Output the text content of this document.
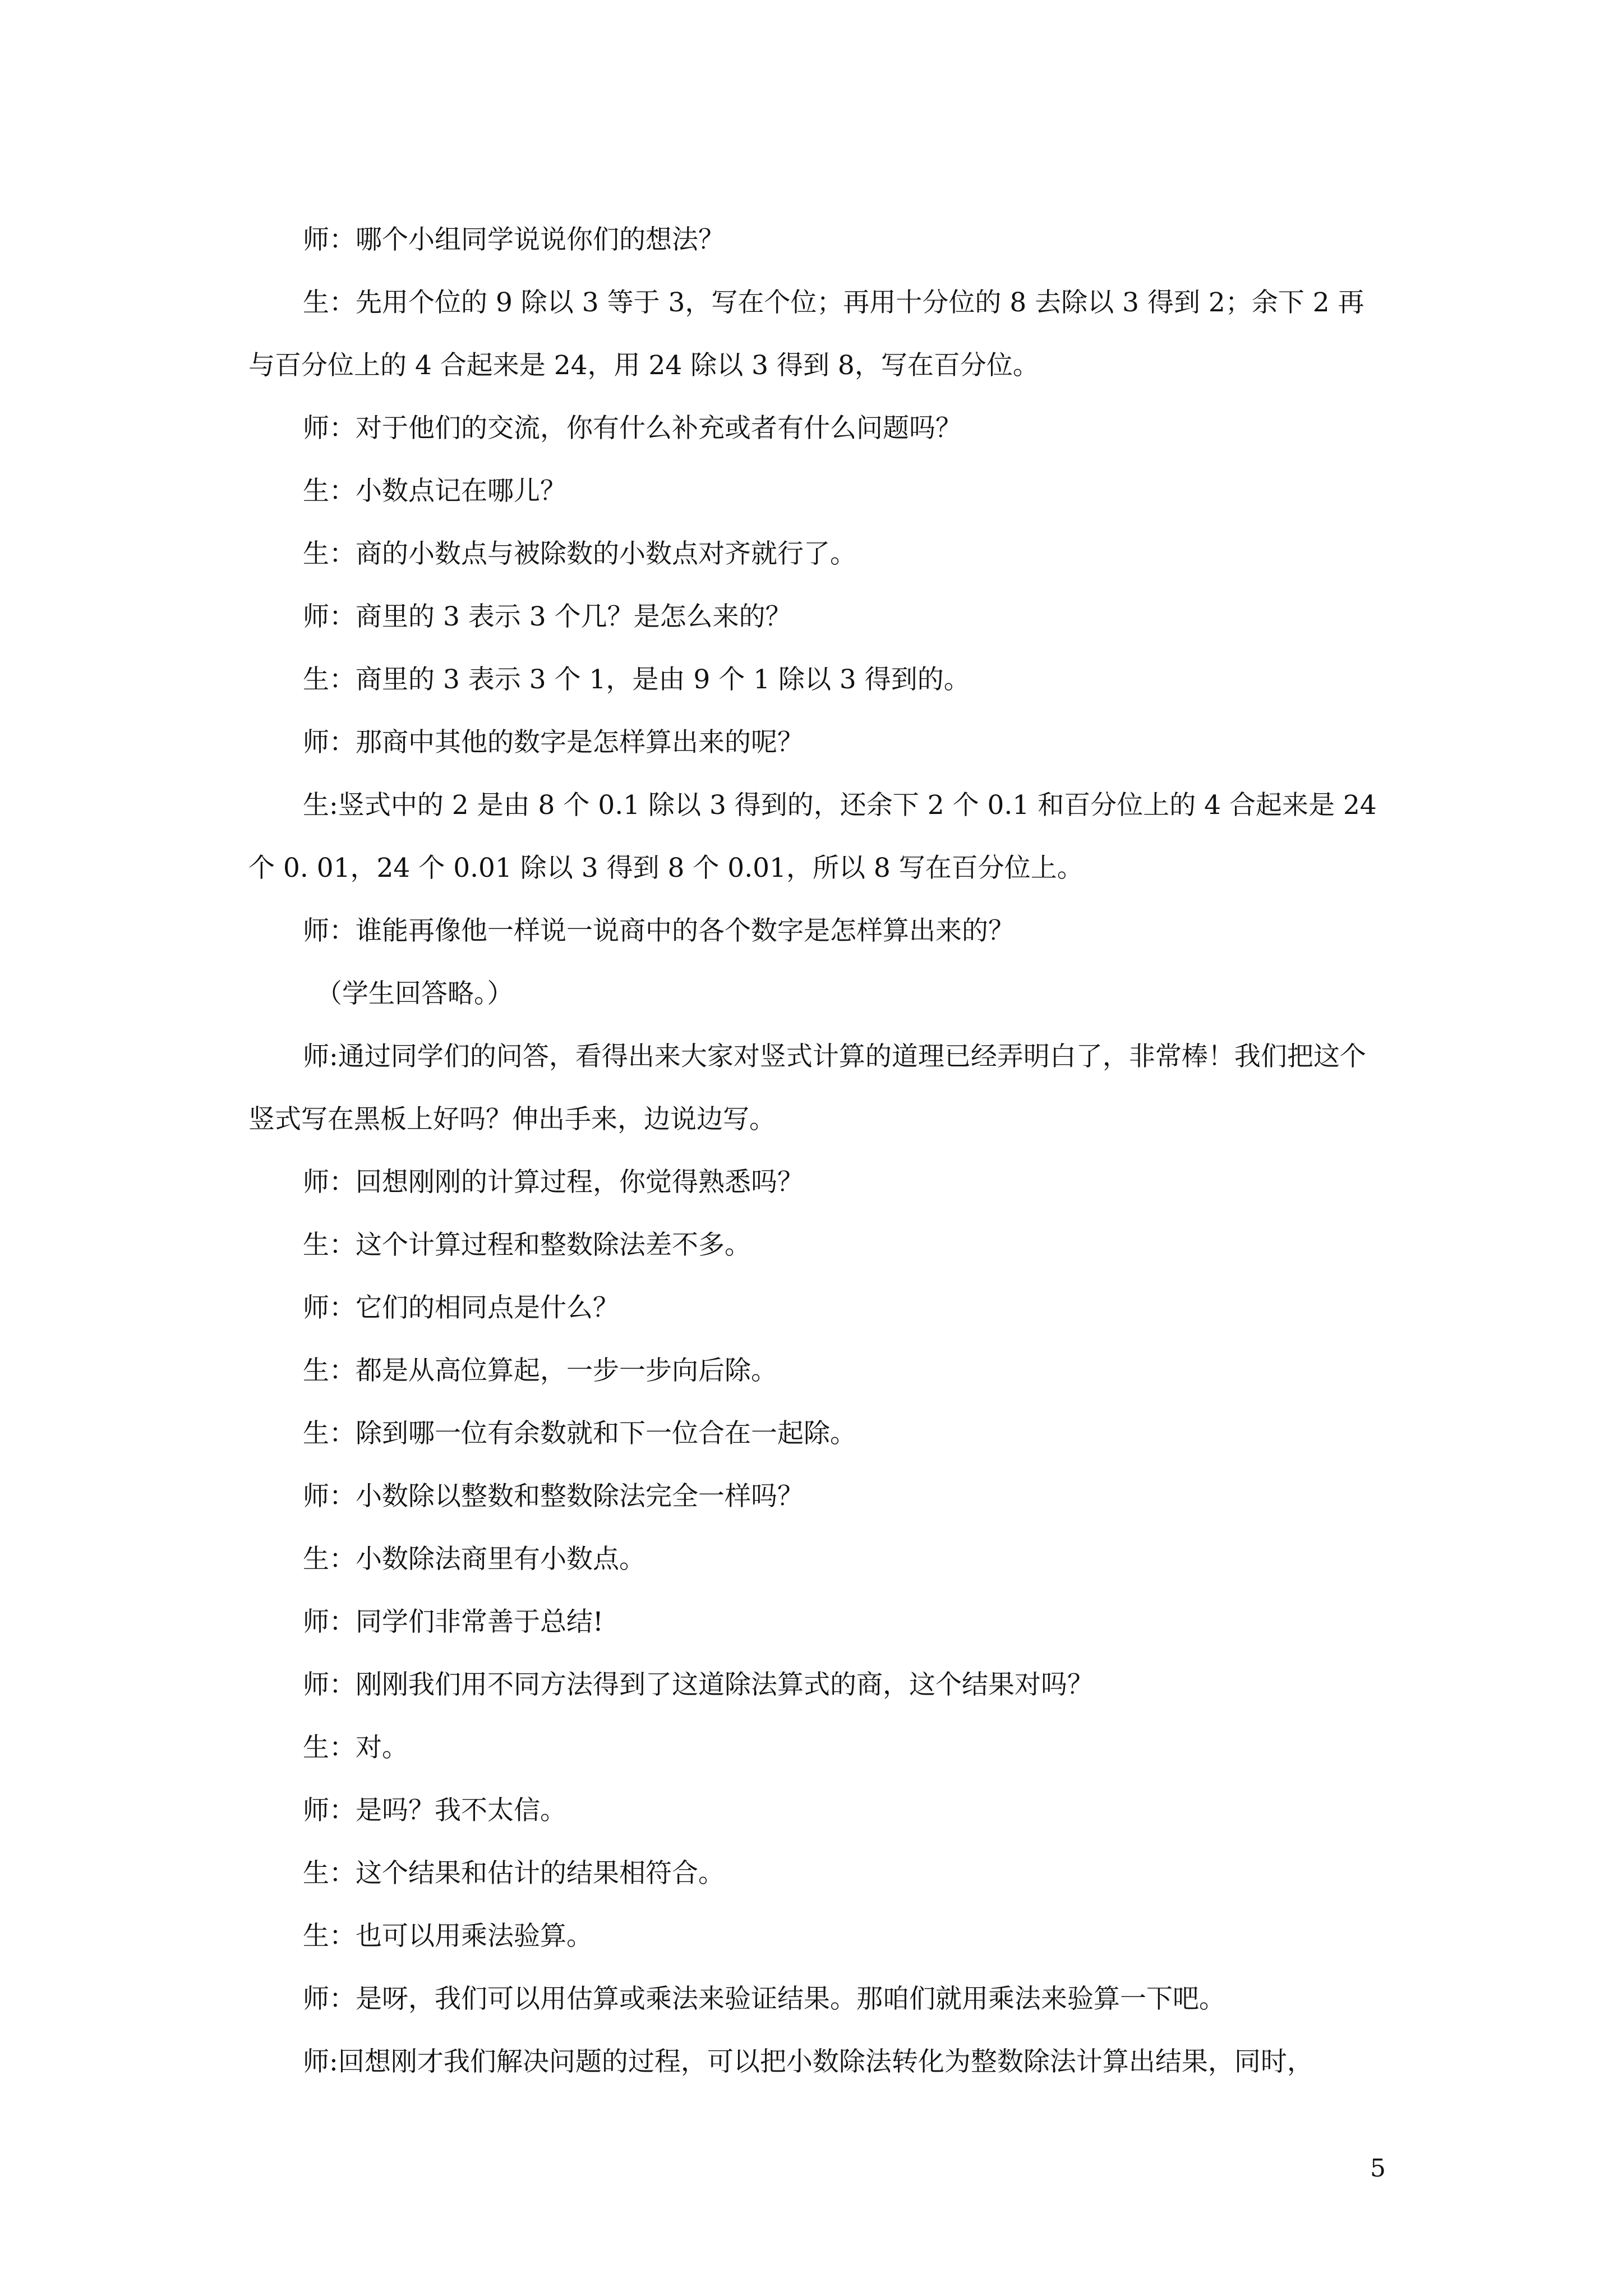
师：哪个小组同学说说你们的想法？

生：先用个位的 9 除以 3 等于 3，写在个位；再用十分位的 8 去除以 3 得到 2；余下 2 再与百分位上的 4 合起来是 24，用 24 除以 3 得到 8，写在百分位。

师：对于他们的交流，你有什么补充或者有什么问题吗？

生：小数点记在哪儿？

生：商的小数点与被除数的小数点对齐就行了。

师：商里的 3 表示 3 个几？是怎么来的？

生：商里的 3 表示 3 个 1，是由 9 个 1 除以 3 得到的。

师：那商中其他的数字是怎样算出来的呢？

生:竖式中的 2 是由 8 个 0.1 除以 3 得到的，还余下 2 个 0.1 和百分位上的 4 合起来是 24 个 0. 01，24 个 0.01 除以 3 得到 8 个 0.01，所以 8 写在百分位上。

师：谁能再像他一样说一说商中的各个数字是怎样算出来的？

（学生回答略。）

师:通过同学们的问答，看得出来大家对竖式计算的道理已经弄明白了，非常棒！我们把这个竖式写在黑板上好吗？伸出手来，边说边写。

师：回想刚刚的计算过程，你觉得熟悉吗？

生：这个计算过程和整数除法差不多。

师：它们的相同点是什么？

生：都是从高位算起，一步一步向后除。

生：除到哪一位有余数就和下一位合在一起除。

师：小数除以整数和整数除法完全一样吗？

生：小数除法商里有小数点。

师：同学们非常善于总结!

师：刚刚我们用不同方法得到了这道除法算式的商，这个结果对吗？

生：对。

师：是吗？我不太信。

生：这个结果和估计的结果相符合。

生：也可以用乘法验算。

师：是呀，我们可以用估算或乘法来验证结果。那咱们就用乘法来验算一下吧。

师:回想刚才我们解决问题的过程，可以把小数除法转化为整数除法计算出结果，同时，

5
